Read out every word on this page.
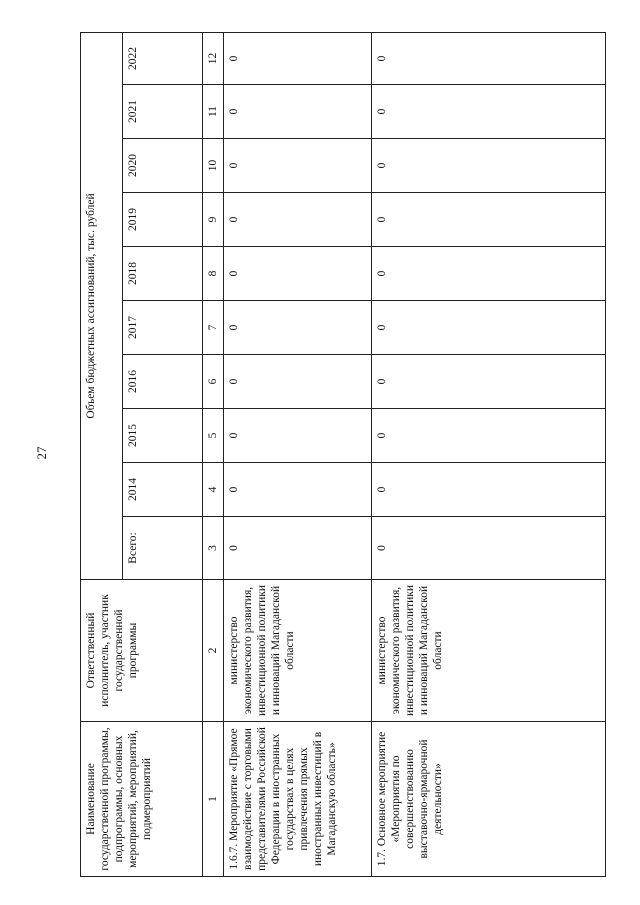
27
Наименование государственной программы, подпрограммы, основных мероприятий, мероприятий, подмероприятий	Ответственный исполнитель, участник государственной программы	Объем бюджетных ассигнований, тыс. рублей									
		Всего:	2014	2015	2016	2017	2018	2019	2020	2021	2022
1	2	3	4	5	6	7	8	9	10	11	12
1.6.7. Мероприятие «Прямое взаимодействие с торговыми представителями Российской Федерации в иностранных государствах в целях привлечения прямых иностранных инвестиций в Магаданскую область»	министерство экономического развития, инвестиционной политики и инноваций Магаданской области	0	0	0	0	0	0	0	0	0	0
1.7. Основное мероприятие «Мероприятия по совершенствованию выставочно-ярмарочной деятельности»	министерство экономического развития, инвестиционной политики и инноваций Магаданской области	0	0	0	0	0	0	0	0	0	0
